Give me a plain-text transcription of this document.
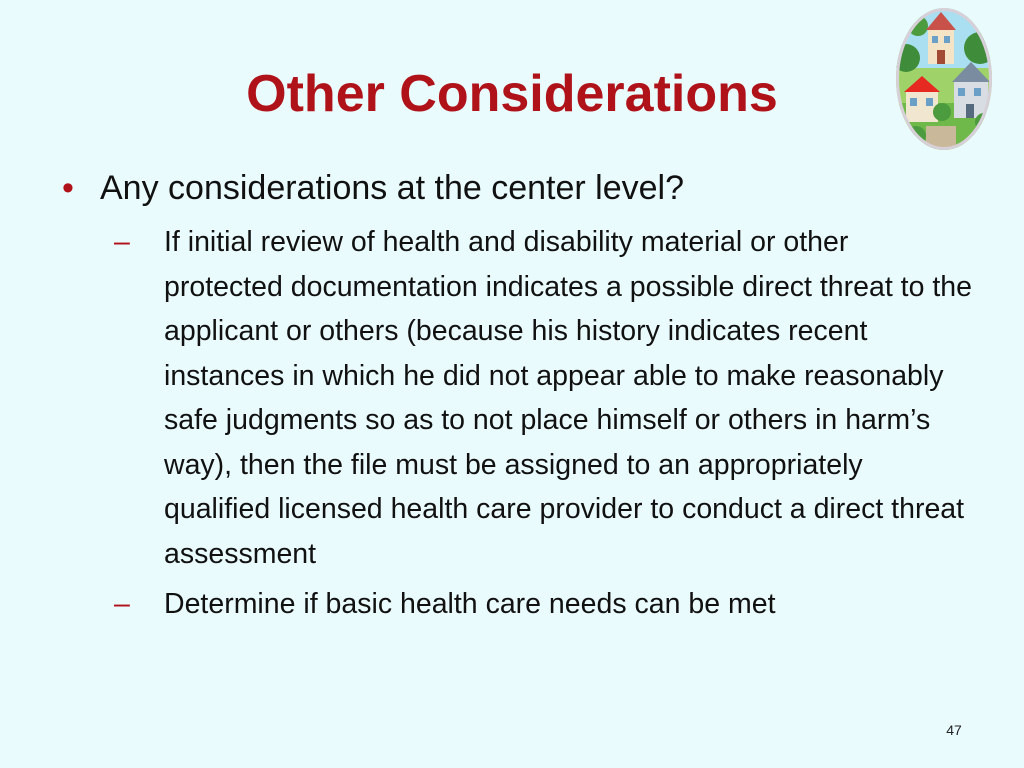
Other Considerations
• Any considerations at the center level?
– If initial review of health and disability material or other protected documentation indicates a possible direct threat to the applicant or others (because his history indicates recent instances in which he did not appear able to make reasonably safe judgments so as to not place himself or others in harm’s way), then the file must be assigned to an appropriately qualified licensed health care provider to conduct a direct threat assessment
– Determine if basic health care needs can be met
47
